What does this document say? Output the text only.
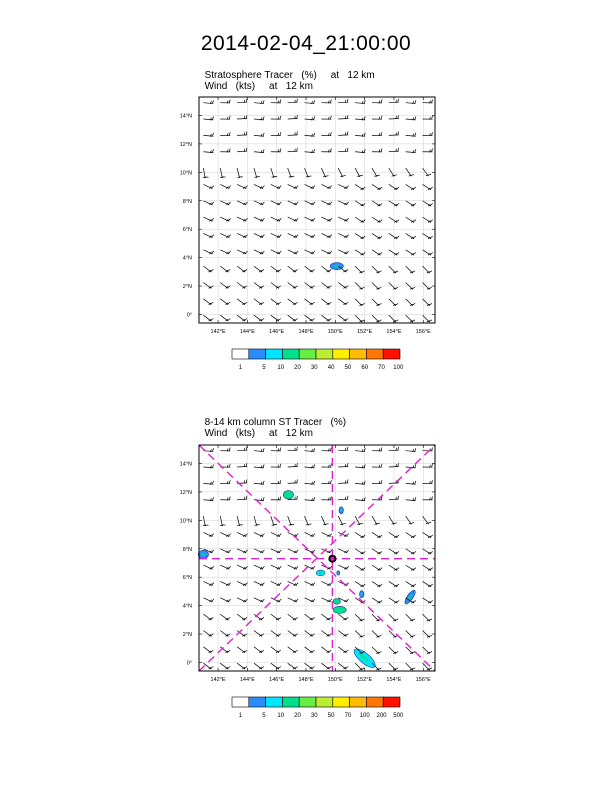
2014-02-04_21:00:00

Stratosphere Tracer   (%) at   12 km

Wind   (kts) at   12 km

8-14 km column ST Tracer   (%)

Wind   (kts) at   12 km

142°E	144°E	146°E	148°E	150°E	152°E	154°E	156°E
0°
2°N
4°N
6°N
8°N
10°N
12°N
14°N
1	5 10 20 30 40 50 60 70 100
142°E	144°E	146°E	148°E	150°E	152°E	154°E	156°E
0°
2°N
4°N
6°N
8°N
10°N
12°N
14°N
1	5 10 20 30 50 70 100 200 500
